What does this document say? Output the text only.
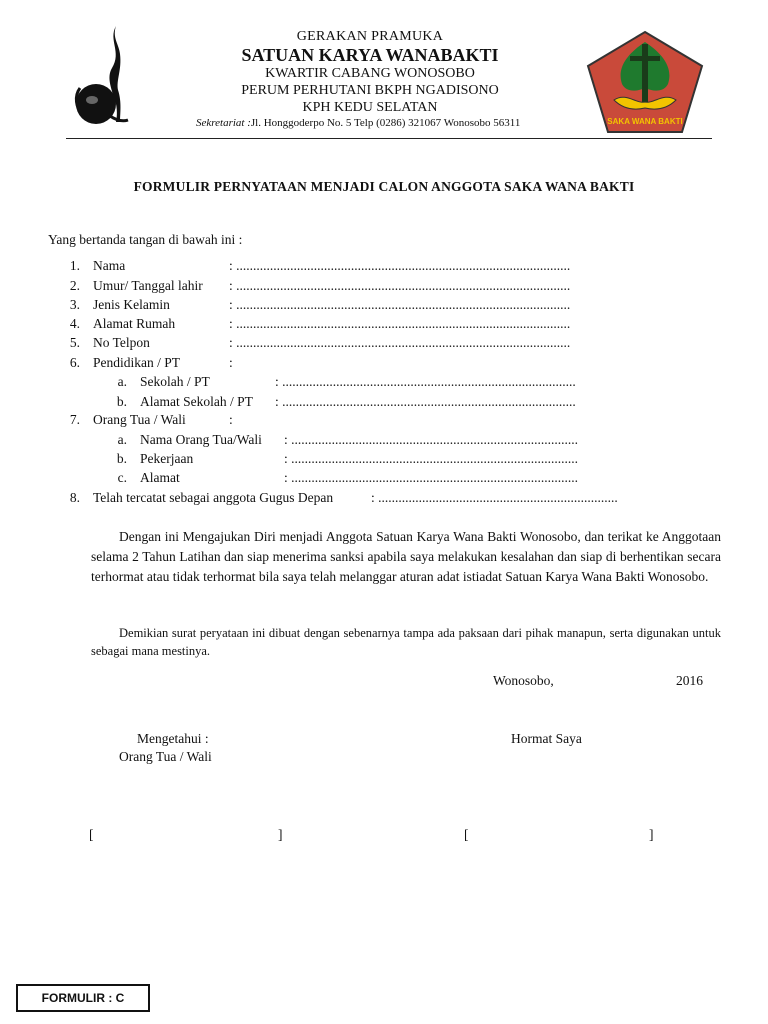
SAKA WANA BAKTI
GERAKAN PRAMUKA
SATUAN KARYA WANABAKTI
KWARTIR CABANG WONOSOBO
PERUM PERHUTANI BKPH NGADISONO
KPH KEDU SELATAN
Sekretariat :Jl. Honggoderpo No. 5 Telp (0286) 321067 Wonosobo 56311
FORMULIR PERNYATAAN MENJADI CALON ANGGOTA SAKA WANA BAKTI
Yang bertanda tangan di bawah ini :
1. Nama	: ...................................................................................................
2. Umur/ Tanggal lahir : ...................................................................................................
3. Jenis Kelamin	: ...................................................................................................
4. Alamat Rumah	: ...................................................................................................
5. No Telpon	: ...................................................................................................
6. Pendidikan / PT	:
a. Sekolah / PT	: .......................................................................................
b. Alamat Sekolah / PT : .......................................................................................
7. Orang Tua / Wali	:
a. Nama Orang Tua/Wali : .....................................................................................
b. Pekerjaan	: .....................................................................................
c. Alamat	: .....................................................................................
8. Telah tercatat sebagai anggota Gugus Depan	: .......................................................................
Dengan ini Mengajukan Diri menjadi Anggota Satuan Karya Wana Bakti Wonosobo, dan terikat ke Anggotaan selama 2 Tahun Latihan dan siap menerima sanksi apabila saya melakukan kesalahan dan siap di berhentikan secara terhormat atau tidak terhormat bila saya telah melanggar aturan adat istiadat Satuan Karya Wana Bakti Wonosobo.
Demikian surat peryataan ini dibuat dengan sebenarnya tampa ada paksaan dari pihak manapun, serta digunakan untuk sebagai mana mestinya.
Wonosobo,	2016
Mengetahui :
Orang Tua / Wali
Hormat Saya
[	]	[	]
FORMULIR : C
